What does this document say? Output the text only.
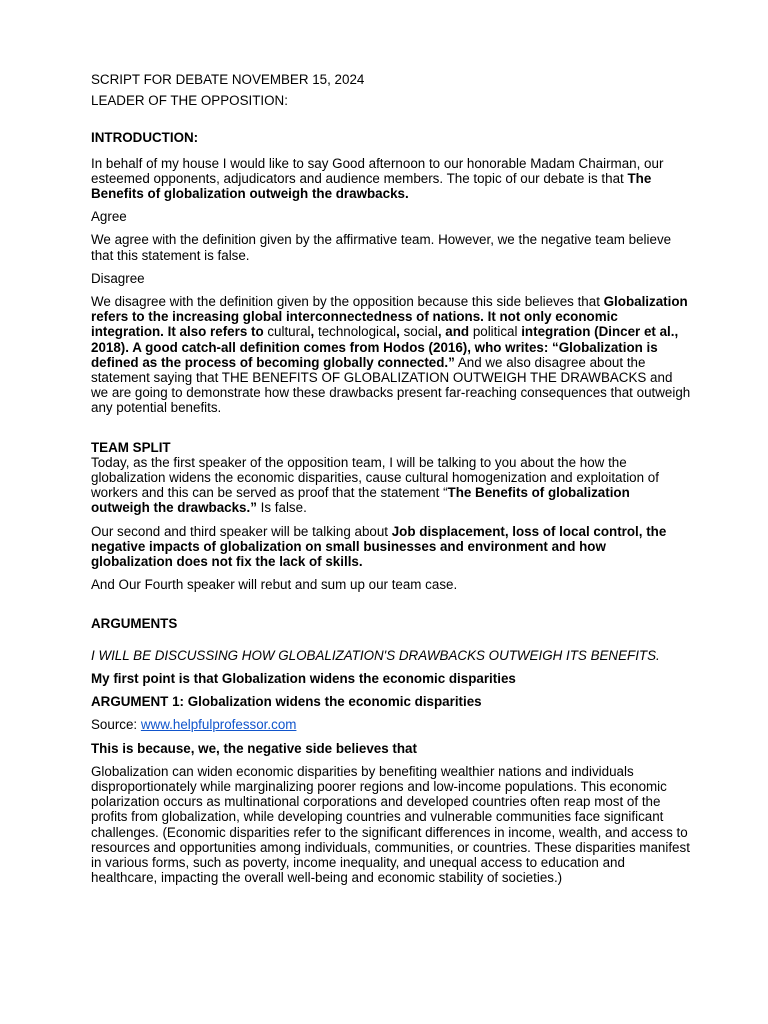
SCRIPT FOR DEBATE NOVEMBER 15, 2024

LEADER OF THE OPPOSITION:

INTRODUCTION:

In behalf of my house I would like to say Good afternoon to our honorable Madam Chairman, our esteemed opponents, adjudicators and audience members. The topic of our debate is that The Benefits of globalization outweigh the drawbacks.

Agree

We agree with the definition given by the affirmative team. However, we the negative team believe that this statement is false.

Disagree

We disagree with the definition given by the opposition because this side believes that Globalization refers to the increasing global interconnectedness of nations. It not only economic integration. It also refers to cultural, technological, social, and political integration (Dincer et al., 2018). A good catch-all definition comes from Hodos (2016), who writes: “Globalization is defined as the process of becoming globally connected.” And we also disagree about the statement saying that THE BENEFITS OF GLOBALIZATION OUTWEIGH THE DRAWBACKS and we are going to demonstrate how these drawbacks present far-reaching consequences that outweigh any potential benefits.

TEAM SPLIT

Today, as the first speaker of the opposition team, I will be talking to you about the how the globalization widens the economic disparities, cause cultural homogenization and exploitation of workers and this can be served as proof that the statement “The Benefits of globalization outweigh the drawbacks.” Is false.

Our second and third speaker will be talking about Job displacement, loss of local control, the negative impacts of globalization on small businesses and environment and how globalization does not fix the lack of skills.

And Our Fourth speaker will rebut and sum up our team case.

ARGUMENTS

I WILL BE DISCUSSING HOW GLOBALIZATION'S DRAWBACKS OUTWEIGH ITS BENEFITS.

My first point is that Globalization widens the economic disparities

ARGUMENT 1: Globalization widens the economic disparities

Source: www.helpfulprofessor.com

This is because, we, the negative side believes that

Globalization can widen economic disparities by benefiting wealthier nations and individuals disproportionately while marginalizing poorer regions and low-income populations. This economic polarization occurs as multinational corporations and developed countries often reap most of the profits from globalization, while developing countries and vulnerable communities face significant challenges. (Economic disparities refer to the significant differences in income, wealth, and access to resources and opportunities among individuals, communities, or countries. These disparities manifest in various forms, such as poverty, income inequality, and unequal access to education and healthcare, impacting the overall well-being and economic stability of societies.)
